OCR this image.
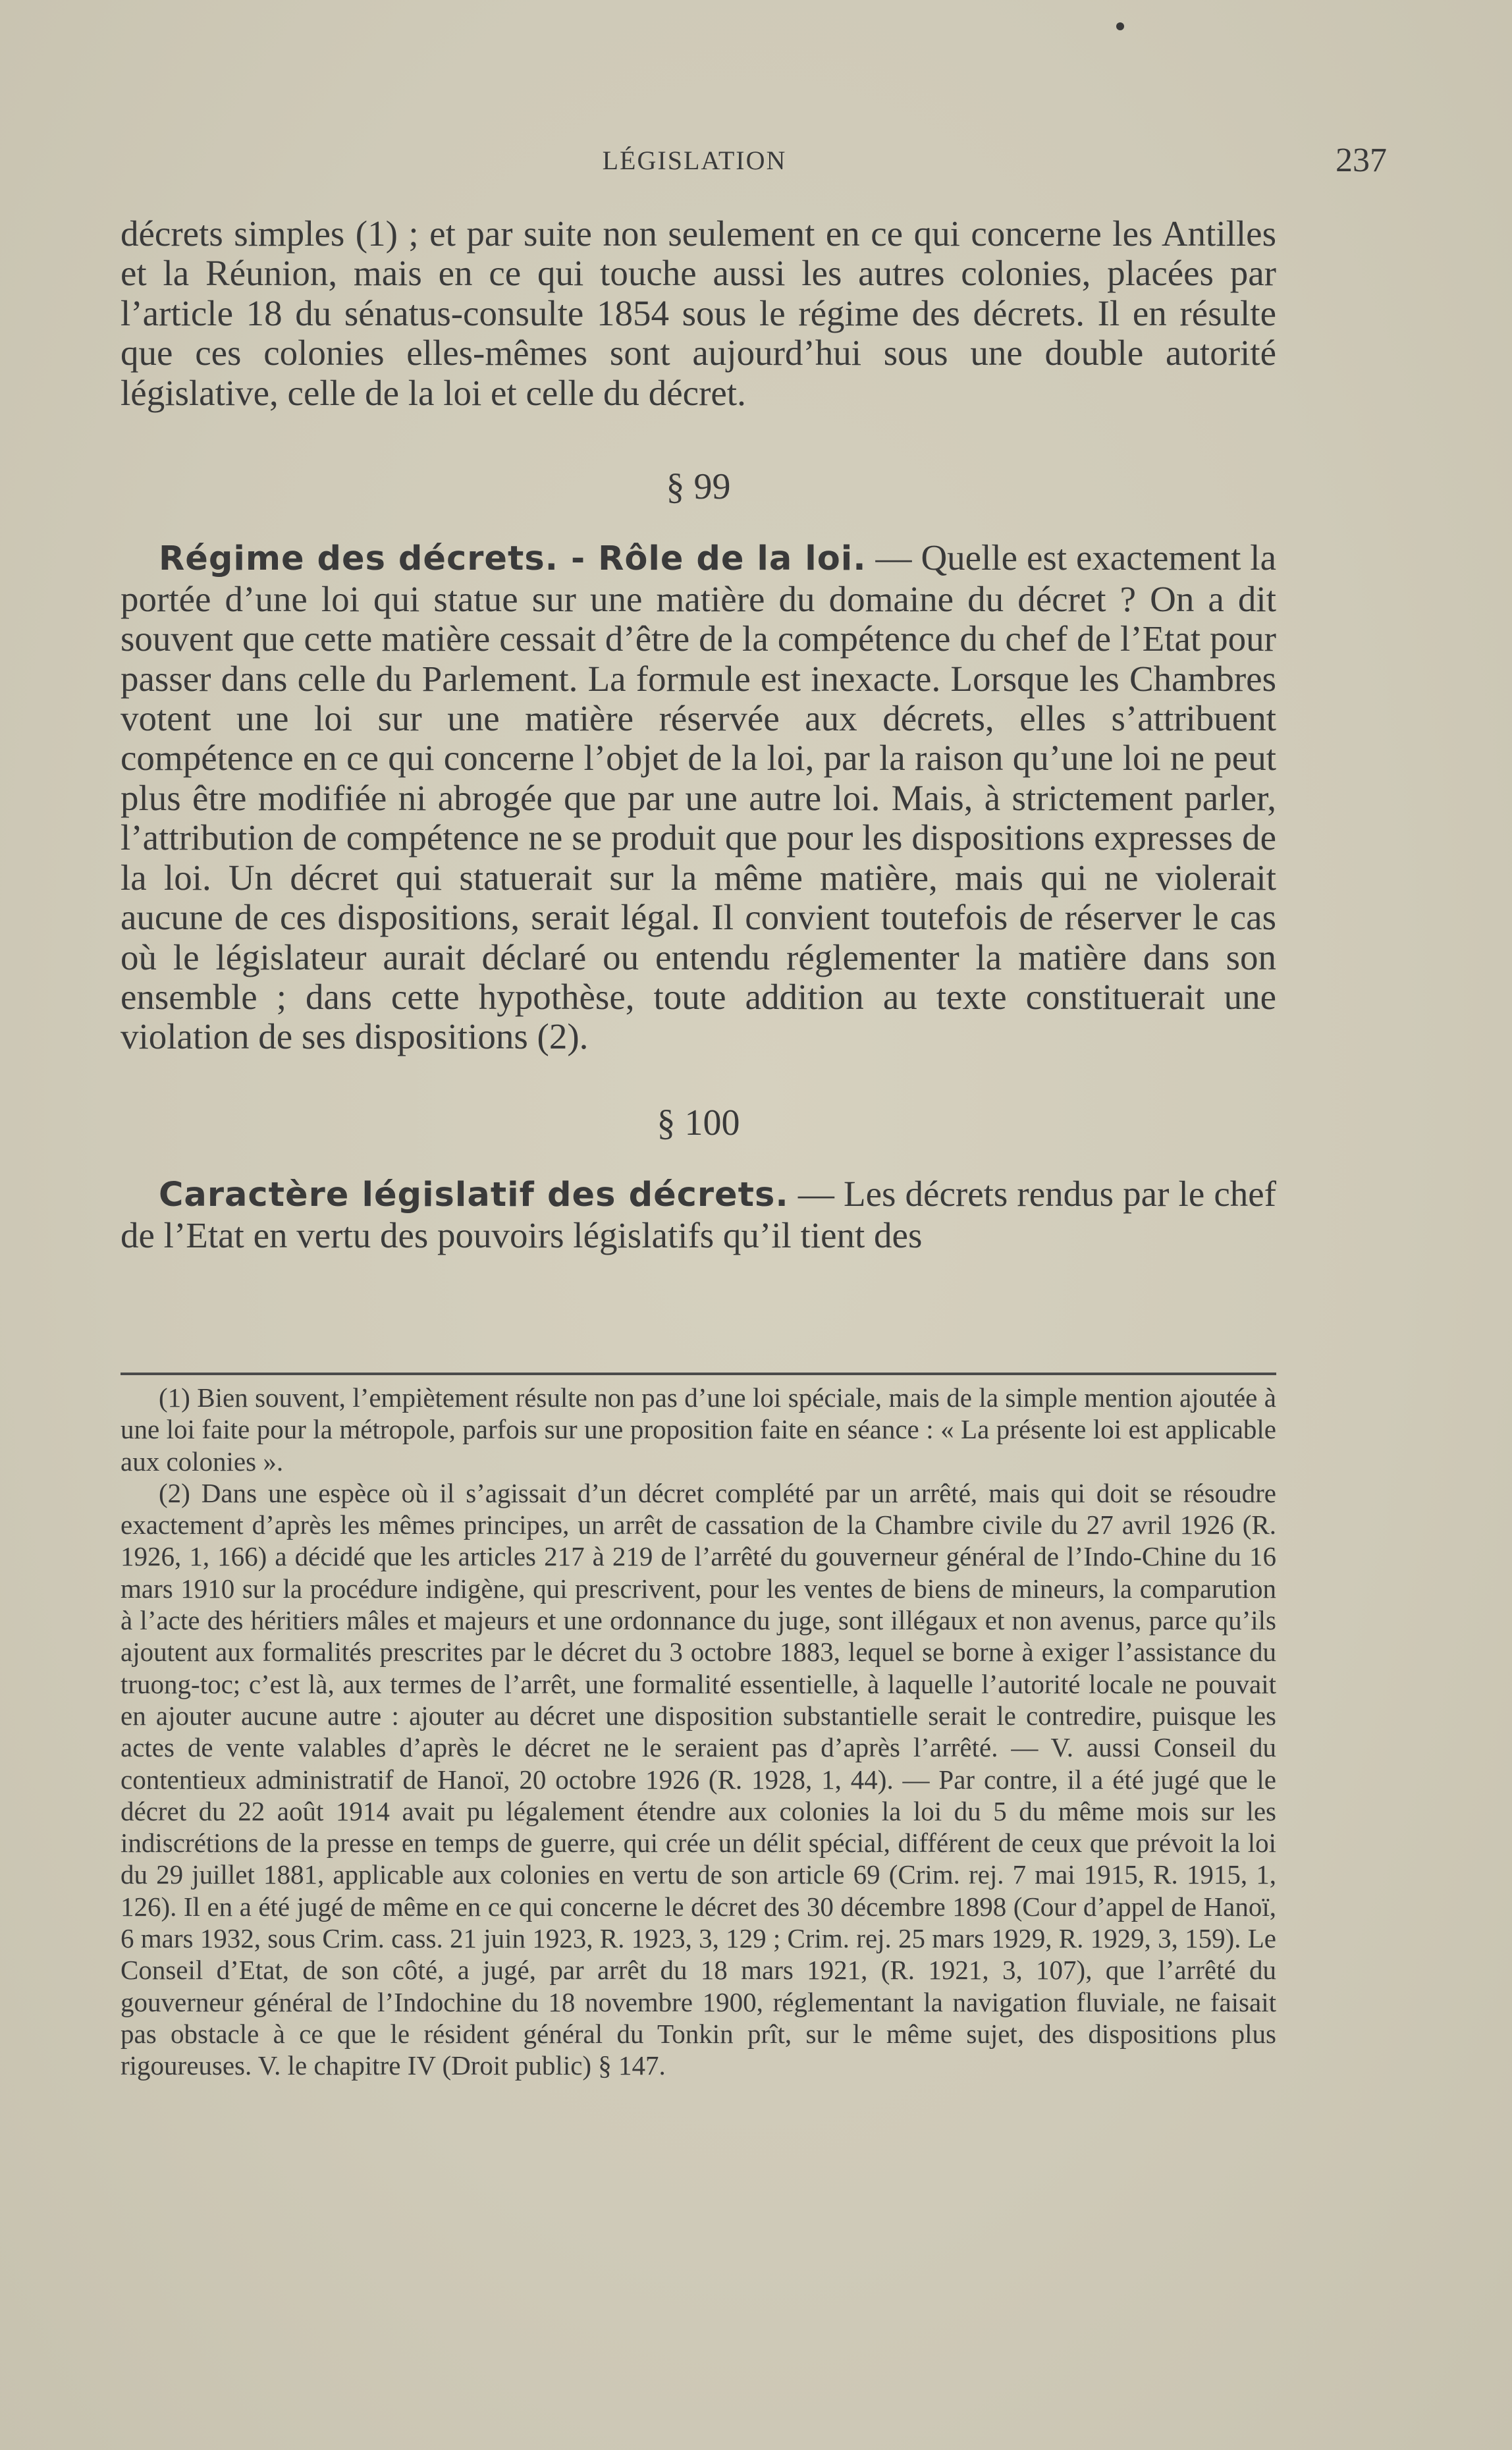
LÉGISLATION	237

décrets simples (1) ; et par suite non seulement en ce qui concerne les Antilles et la Réunion, mais en ce qui touche aussi les autres colonies, placées par l’article 18 du sénatus-consulte 1854 sous le régime des décrets. Il en résulte que ces colonies elles-mêmes sont aujourd’hui sous une double autorité législative, celle de la loi et celle du décret.

§ 99

Régime des décrets. - Rôle de la loi. — Quelle est exactement la portée d’une loi qui statue sur une matière du domaine du décret ? On a dit souvent que cette matière cessait d’être de la compétence du chef de l’Etat pour passer dans celle du Parlement. La formule est inexacte. Lorsque les Chambres votent une loi sur une matière réservée aux décrets, elles s’attribuent compétence en ce qui concerne l’objet de la loi, par la raison qu’une loi ne peut plus être modifiée ni abrogée que par une autre loi. Mais, à strictement parler, l’attribution de compétence ne se produit que pour les dispositions expresses de la loi. Un décret qui statuerait sur la même matière, mais qui ne violerait aucune de ces dispositions, serait légal. Il convient toutefois de réserver le cas où le législateur aurait déclaré ou entendu réglementer la matière dans son ensemble ; dans cette hypothèse, toute addition au texte constituerait une violation de ses dispositions (2).

§ 100

Caractère législatif des décrets. — Les décrets rendus par le chef de l’Etat en vertu des pouvoirs législatifs qu’il tient des

(1) Bien souvent, l’empiètement résulte non pas d’une loi spéciale, mais de la simple mention ajoutée à une loi faite pour la métropole, parfois sur une proposition faite en séance : « La présente loi est applicable aux colonies ».

(2) Dans une espèce où il s’agissait d’un décret complété par un arrêté, mais qui doit se résoudre exactement d’après les mêmes principes, un arrêt de cassation de la Chambre civile du 27 avril 1926 (R. 1926, 1, 166) a décidé que les articles 217 à 219 de l’arrêté du gouverneur général de l’Indo-Chine du 16 mars 1910 sur la procédure indigène, qui prescrivent, pour les ventes de biens de mineurs, la comparution à l’acte des héritiers mâles et majeurs et une ordonnance du juge, sont illégaux et non avenus, parce qu’ils ajoutent aux formalités prescrites par le décret du 3 octobre 1883, lequel se borne à exiger l’assistance du truong-toc; c’est là, aux termes de l’arrêt, une formalité essentielle, à laquelle l’autorité locale ne pouvait en ajouter aucune autre : ajouter au décret une disposition substantielle serait le contredire, puisque les actes de vente valables d’après le décret ne le seraient pas d’après l’arrêté. — V. aussi Conseil du contentieux administratif de Hanoï, 20 octobre 1926 (R. 1928, 1, 44). — Par contre, il a été jugé que le décret du 22 août 1914 avait pu légalement étendre aux colonies la loi du 5 du même mois sur les indiscrétions de la presse en temps de guerre, qui crée un délit spécial, différent de ceux que prévoit la loi du 29 juillet 1881, applicable aux colonies en vertu de son article 69 (Crim. rej. 7 mai 1915, R. 1915, 1, 126). Il en a été jugé de même en ce qui concerne le décret des 30 décembre 1898 (Cour d’appel de Hanoï, 6 mars 1932, sous Crim. cass. 21 juin 1923, R. 1923, 3, 129 ; Crim. rej. 25 mars 1929, R. 1929, 3, 159). Le Conseil d’Etat, de son côté, a jugé, par arrêt du 18 mars 1921, (R. 1921, 3, 107), que l’arrêté du gouverneur général de l’Indochine du 18 novembre 1900, réglementant la navigation fluviale, ne faisait pas obstacle à ce que le résident général du Tonkin prît, sur le même sujet, des dispositions plus rigoureuses. V. le chapitre IV (Droit public) § 147.
